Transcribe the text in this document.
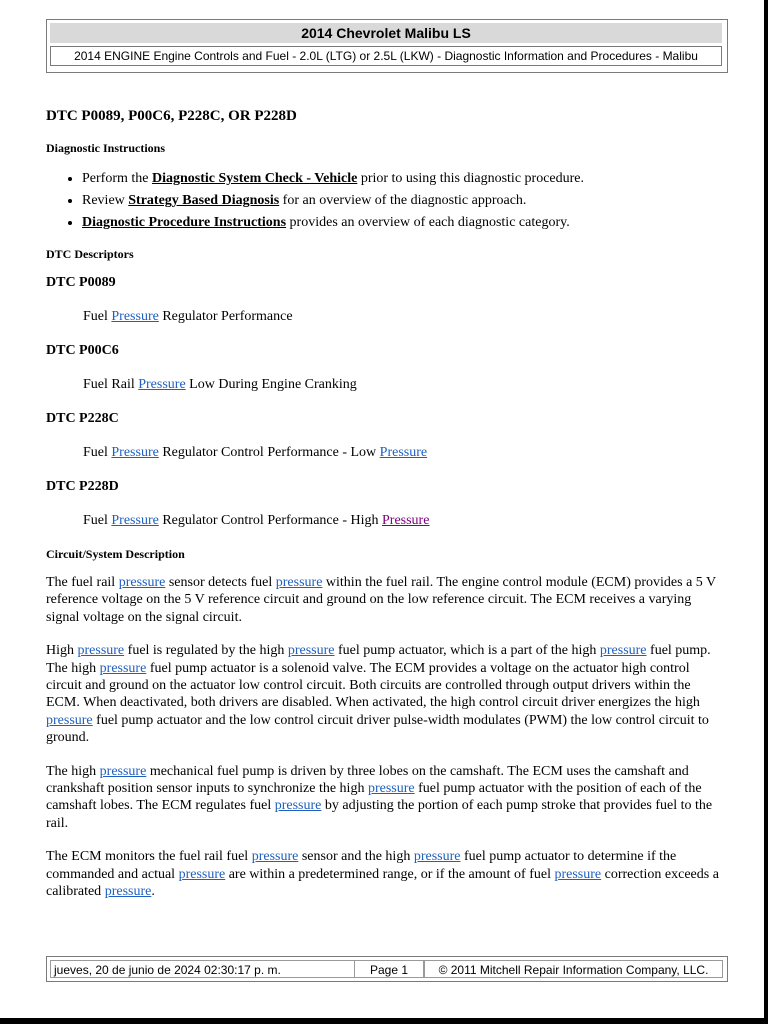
2014 Chevrolet Malibu LS
2014 ENGINE Engine Controls and Fuel - 2.0L (LTG) or 2.5L (LKW) - Diagnostic Information and Procedures - Malibu
DTC P0089, P00C6, P228C, OR P228D
Diagnostic Instructions
• Perform the Diagnostic System Check - Vehicle prior to using this diagnostic procedure.
• Review Strategy Based Diagnosis for an overview of the diagnostic approach.
• Diagnostic Procedure Instructions provides an overview of each diagnostic category.
DTC Descriptors
DTC P0089
Fuel Pressure Regulator Performance
DTC P00C6
Fuel Rail Pressure Low During Engine Cranking
DTC P228C
Fuel Pressure Regulator Control Performance - Low Pressure
DTC P228D
Fuel Pressure Regulator Control Performance - High Pressure
Circuit/System Description

The fuel rail pressure sensor detects fuel pressure within the fuel rail. The engine control module (ECM) provides a 5 V reference voltage on the 5 V reference circuit and ground on the low reference circuit. The ECM receives a varying signal voltage on the signal circuit.

High pressure fuel is regulated by the high pressure fuel pump actuator, which is a part of the high pressure fuel pump. The high pressure fuel pump actuator is a solenoid valve. The ECM provides a voltage on the actuator high control circuit and ground on the actuator low control circuit. Both circuits are controlled through output drivers within the ECM. When deactivated, both drivers are disabled. When activated, the high control circuit driver energizes the high pressure fuel pump actuator and the low control circuit driver pulse-width modulates (PWM) the low control circuit to ground.

The high pressure mechanical fuel pump is driven by three lobes on the camshaft. The ECM uses the camshaft and crankshaft position sensor inputs to synchronize the high pressure fuel pump actuator with the position of each of the camshaft lobes. The ECM regulates fuel pressure by adjusting the portion of each pump stroke that provides fuel to the rail.

The ECM monitors the fuel rail fuel pressure sensor and the high pressure fuel pump actuator to determine if the commanded and actual pressure are within a predetermined range, or if the amount of fuel pressure correction exceeds a calibrated pressure.

jueves, 20 de junio de 2024 02:30:17 p. m.	Page 1	© 2011 Mitchell Repair Information Company, LLC.
